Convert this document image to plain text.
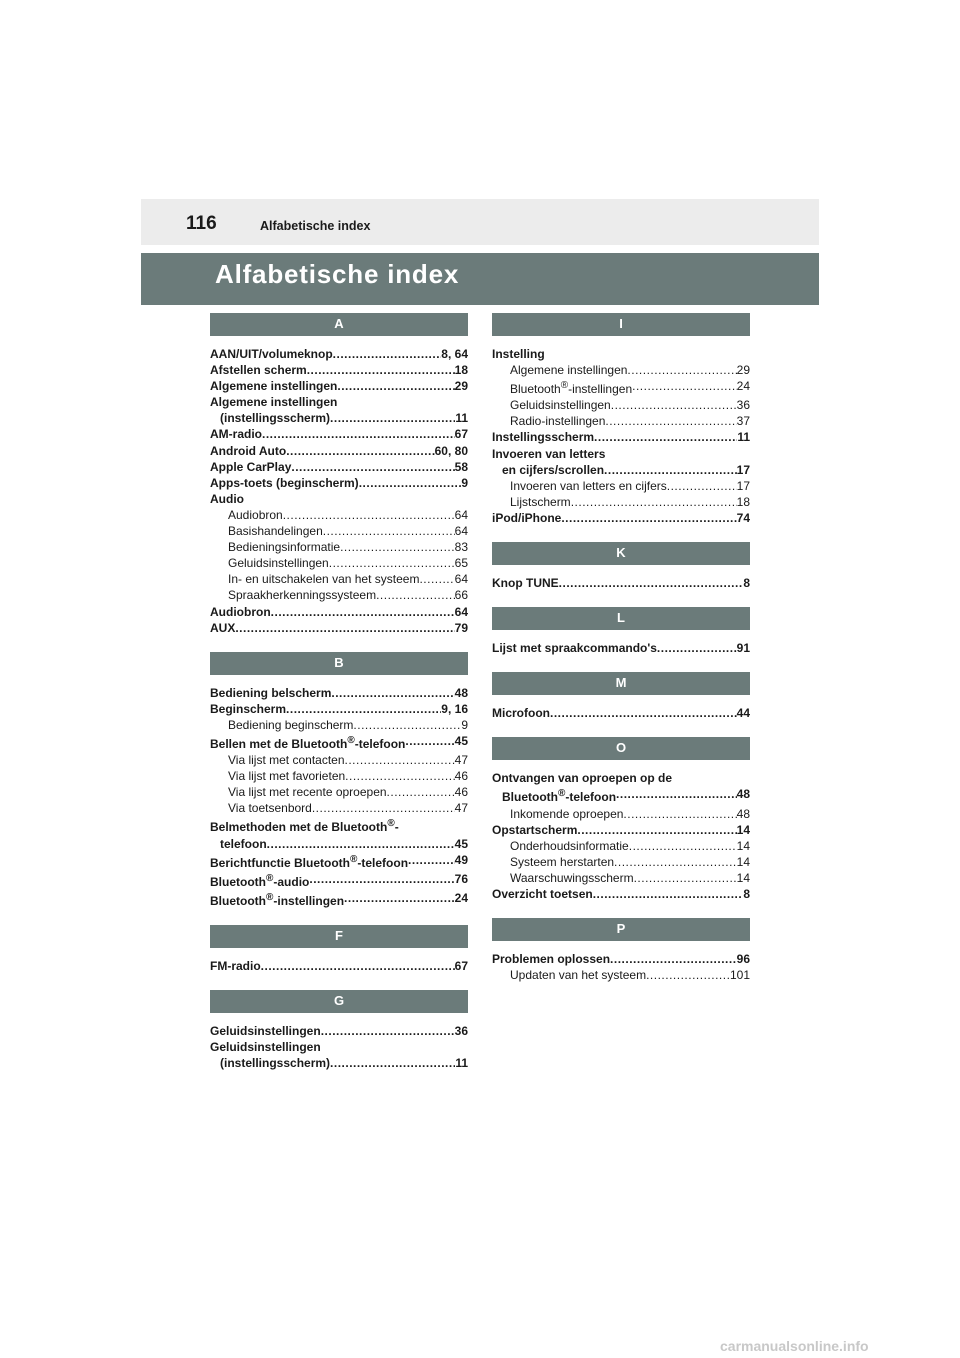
116	Alfabetische index
Alfabetische index
A
AAN/UIT/volumeknop .....	8, 64
Afstellen scherm .....	18
Algemene instellingen .....	29
Algemene instellingen
(instellingsscherm) .....	11
AM-radio .....	67
Android Auto .....	60, 80
Apple CarPlay .....	58
Apps-toets (beginscherm) .....	9
Audio
Audiobron .....	64
Basishandelingen .....	64
Bedieningsinformatie .....	83
Geluidsinstellingen .....	65
In- en uitschakelen van het systeem .....	64
Spraakherkenningssysteem .....	66
Audiobron .....	64
AUX .....	79
B
Bediening belscherm .....	48
Beginscherm .....	9, 16
Bediening beginscherm .....	9
Bellen met de Bluetooth®-telefoon .....	45
Via lijst met contacten .....	47
Via lijst met favorieten .....	46
Via lijst met recente oproepen .....	46
Via toetsenbord .....	47
Belmethoden met de Bluetooth®-
telefoon .....	45
Berichtfunctie Bluetooth®-telefoon .....	49
Bluetooth®-audio .....	76
Bluetooth®-instellingen .....	24
F
FM-radio .....	67
G
Geluidsinstellingen .....	36
Geluidsinstellingen
(instellingsscherm) .....	11
I
Instelling
Algemene instellingen .....	29
Bluetooth®-instellingen .....	24
Geluidsinstellingen .....	36
Radio-instellingen .....	37
Instellingsscherm .....	11
Invoeren van letters
en cijfers/scrollen .....	17
Invoeren van letters en cijfers .....	17
Lijstscherm .....	18
iPod/iPhone .....	74
K
Knop TUNE .....	8
L
Lijst met spraakcommando's .....	91
M
Microfoon .....	44
O
Ontvangen van oproepen op de
Bluetooth®-telefoon .....	48
Inkomende oproepen .....	48
Opstartscherm .....	14
Onderhoudsinformatie .....	14
Systeem herstarten .....	14
Waarschuwingsscherm .....	14
Overzicht toetsen .....	8
P
Problemen oplossen .....	96
Updaten van het systeem .....	101
carmanualsonline.info
